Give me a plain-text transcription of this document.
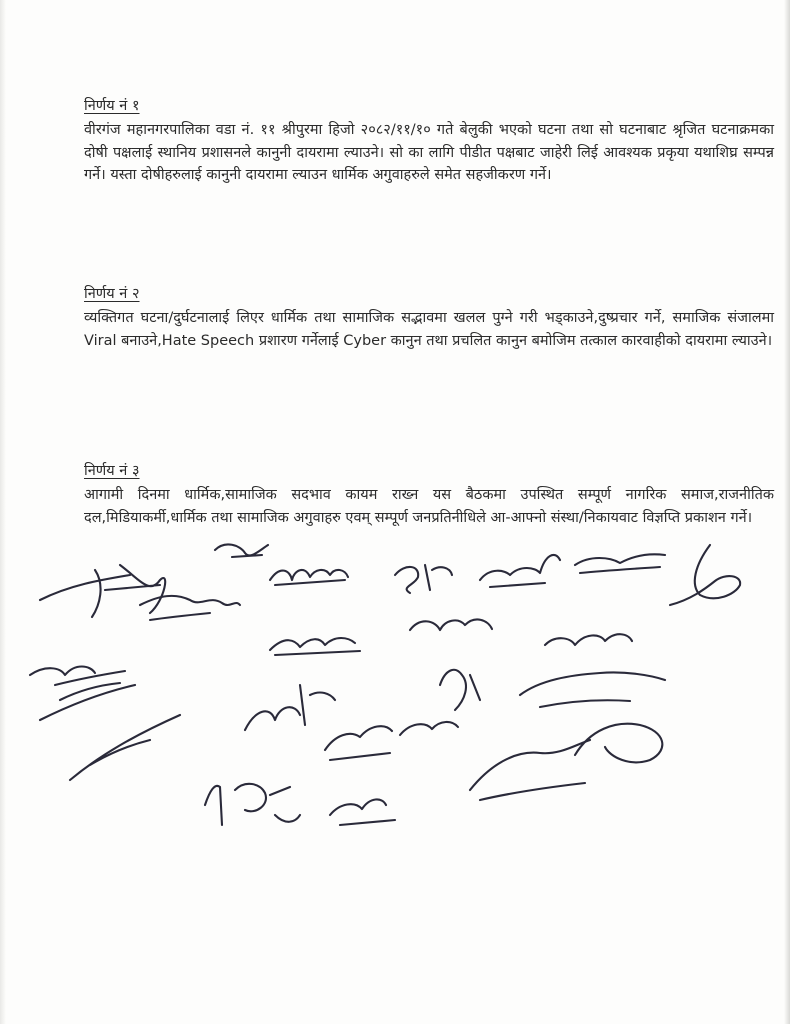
निर्णय नं १

वीरगंज महानगरपालिका वडा नं. ११ श्रीपुरमा हिजो २०८२/११/१० गते बेलुकी भएको घटना तथा सो घटनाबाट श्रृजित घटनाक्रमका दोषी पक्षलाई स्थानिय प्रशासनले कानुनी दायरामा ल्याउने। सो का लागि पीडीत पक्षबाट जाहेरी लिई आवश्यक प्रकृया यथाशिघ्र सम्पन्न गर्ने। यस्ता दोषीहरुलाई कानुनी दायरामा ल्याउन धार्मिक अगुवाहरुले समेत सहजीकरण गर्ने।

निर्णय नं २

व्यक्तिगत घटना/दुर्घटनालाई लिएर धार्मिक तथा सामाजिक सद्भावमा खलल पुग्ने गरी भड्काउने,दुष्प्रचार गर्ने, समाजिक संजालमा Viral बनाउने,Hate Speech प्रशारण गर्नेलाई Cyber कानुन तथा प्रचलित कानुन बमोजिम तत्काल कारवाहीको दायरामा ल्याउने।

निर्णय नं ३

आगामी दिनमा धार्मिक,सामाजिक सदभाव कायम राख्न यस बैठकमा उपस्थित सम्पूर्ण नागरिक समाज,राजनीतिक दल,मिडियाकर्मी,धार्मिक तथा सामाजिक अगुवाहरु एवम् सम्पूर्ण जनप्रतिनीधिले आ-आफ्नो संस्था/निकायवाट विज्ञप्ति प्रकाशन गर्ने।
